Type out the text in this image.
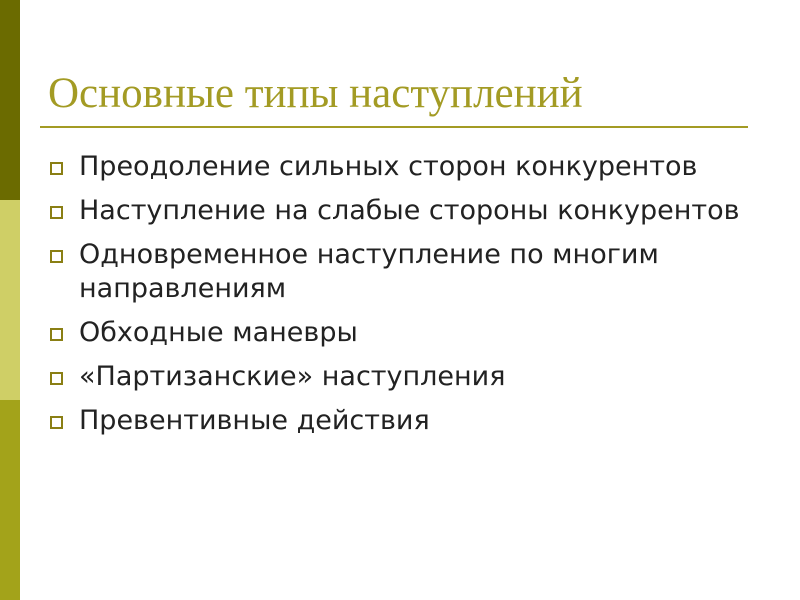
Основные типы наступлений
Преодоление сильных сторон конкурентов
Наступление на слабые стороны конкурентов
Одновременное наступление по многим направлениям
Обходные маневры
«Партизанские» наступления
Превентивные действия
